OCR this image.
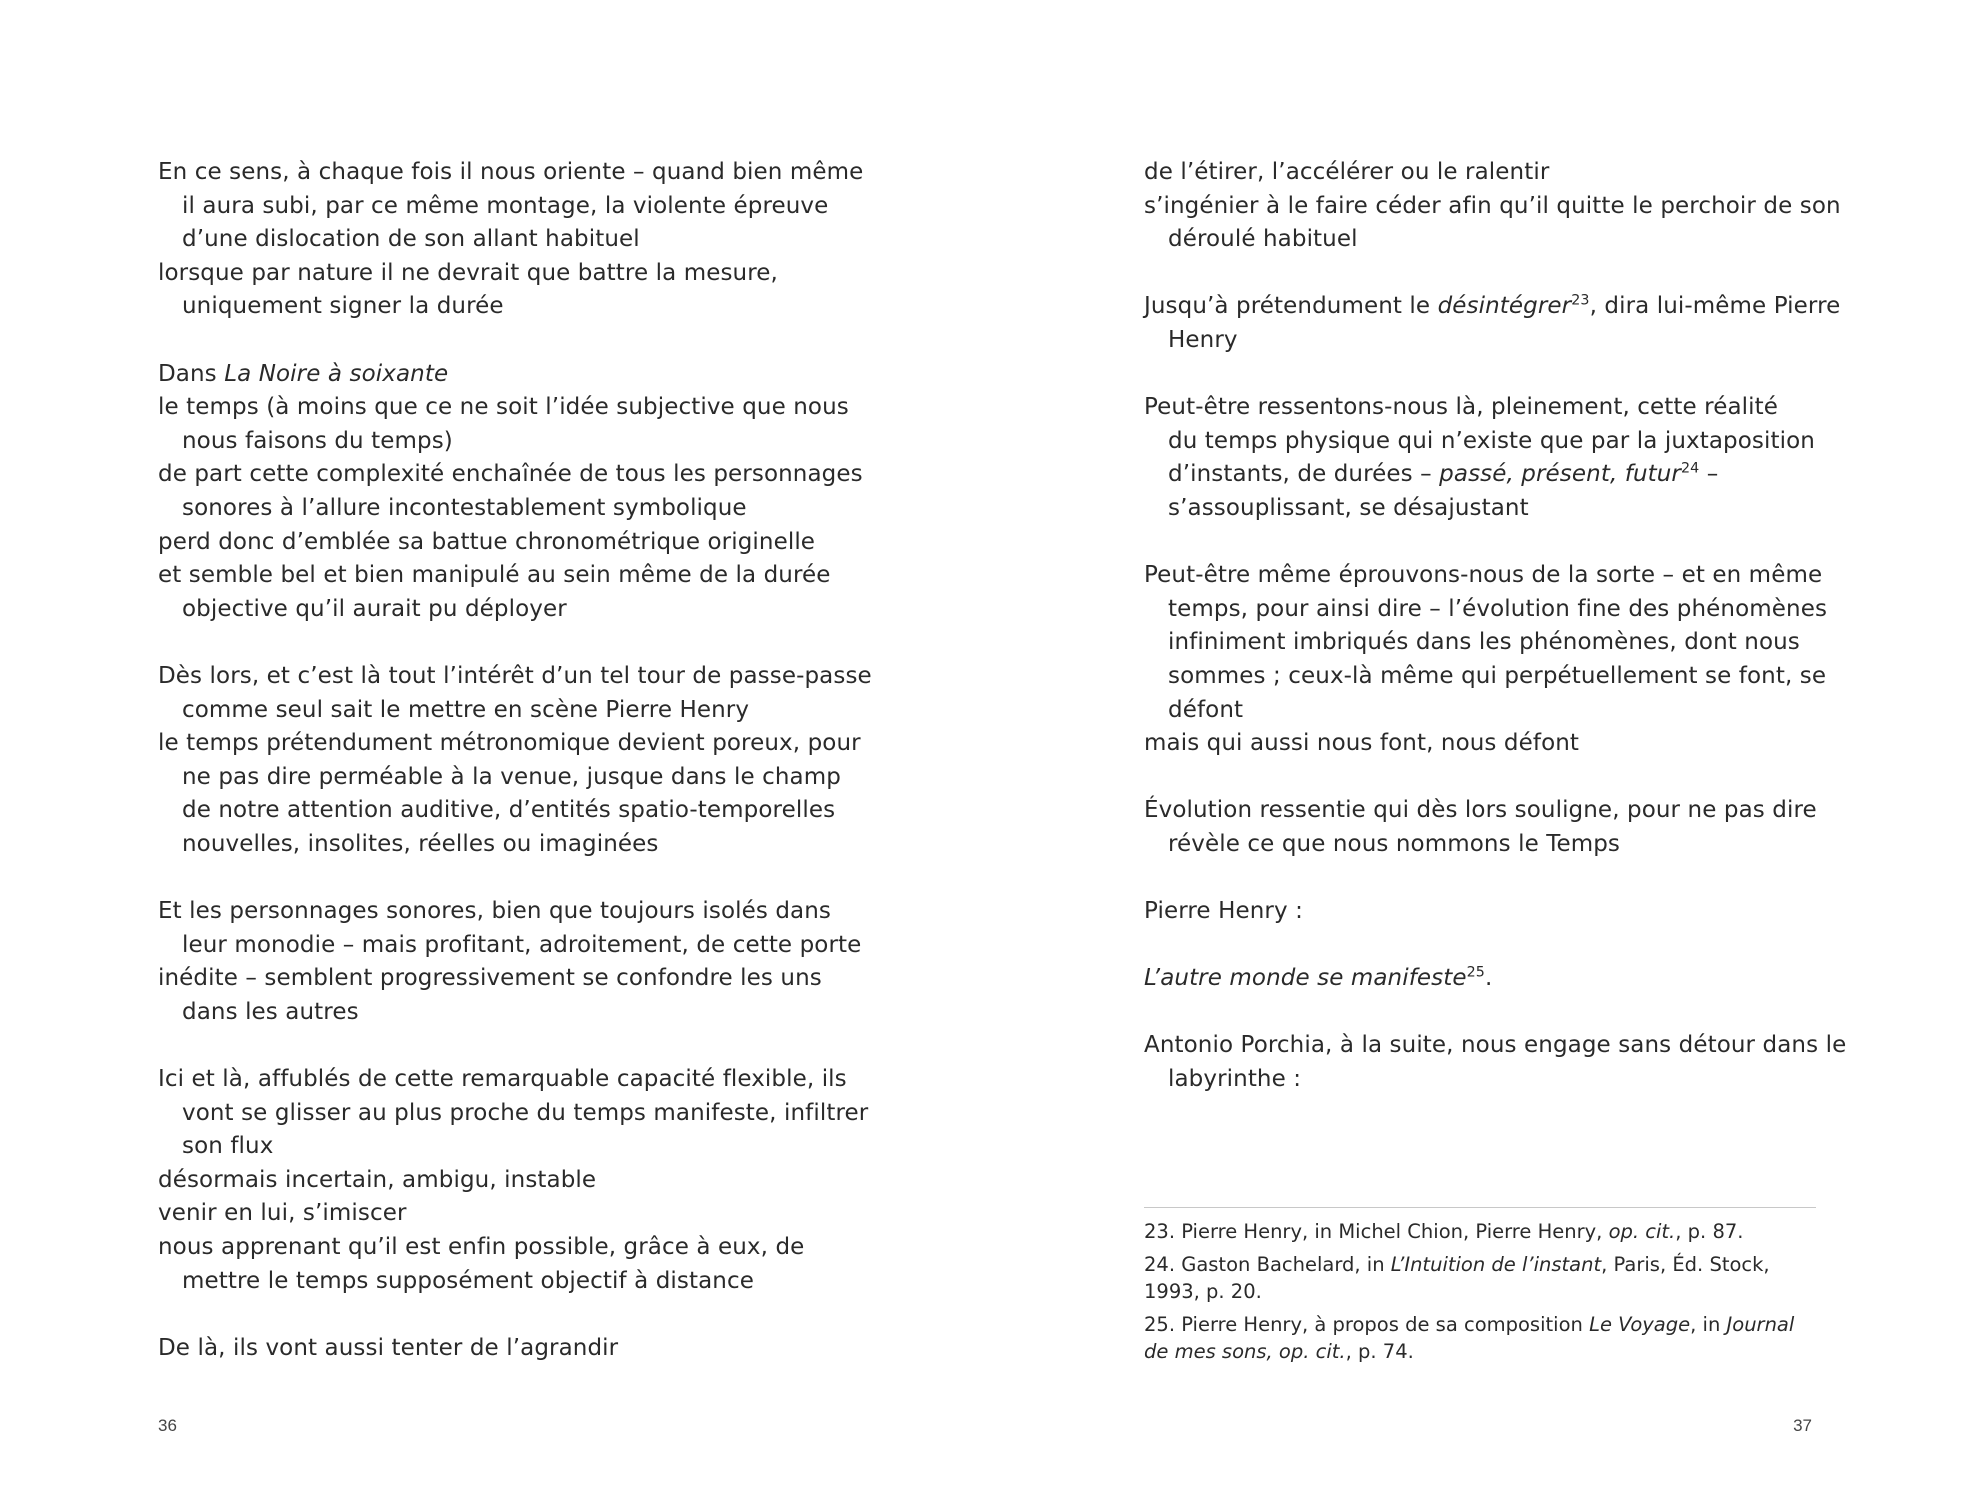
En ce sens, à chaque fois il nous oriente – quand bien même
il aura subi, par ce même montage, la violente épreuve
d’une dislocation de son allant habituel
lorsque par nature il ne devrait que battre la mesure,
uniquement signer la durée
Dans La Noire à soixante
le temps (à moins que ce ne soit l’idée subjective que nous
nous faisons du temps)
de part cette complexité enchaînée de tous les personnages
sonores à l’allure incontestablement symbolique
perd donc d’emblée sa battue chronométrique originelle
et semble bel et bien manipulé au sein même de la durée
objective qu’il aurait pu déployer
Dès lors, et c’est là tout l’intérêt d’un tel tour de passe-passe
comme seul sait le mettre en scène Pierre Henry
le temps prétendument métronomique devient poreux, pour
ne pas dire perméable à la venue, jusque dans le champ
de notre attention auditive, d’entités spatio-temporelles
nouvelles, insolites, réelles ou imaginées
Et les personnages sonores, bien que toujours isolés dans
leur monodie – mais profitant, adroitement, de cette porte
inédite – semblent progressivement se confondre les uns
dans les autres
Ici et là, affublés de cette remarquable capacité flexible, ils
vont se glisser au plus proche du temps manifeste, infiltrer
son flux
désormais incertain, ambigu, instable
venir en lui, s’imiscer
nous apprenant qu’il est enfin possible, grâce à eux, de
mettre le temps supposément objectif à distance
De là, ils vont aussi tenter de l’agrandir
36
de l’étirer, l’accélérer ou le ralentir
s’ingénier à le faire céder afin qu’il quitte le perchoir de son
déroulé habituel
Jusqu’à prétendument le désintégrer$^{23}$, dira lui-même Pierre
Henry
Peut-être ressentons-nous là, pleinement, cette réalité
du temps physique qui n’existe que par la juxtaposition
d’instants, de durées – passé, présent, futur$^{24}$ –
s’assouplissant, se désajustant
Peut-être même éprouvons-nous de la sorte – et en même
temps, pour ainsi dire – l’évolution fine des phénomènes
infiniment imbriqués dans les phénomènes, dont nous
sommes ; ceux-là même qui perpétuellement se font, se
défont
mais qui aussi nous font, nous défont
Évolution ressentie qui dès lors souligne, pour ne pas dire
révèle ce que nous nommons le Temps
Pierre Henry :
L’autre monde se manifeste$^{25}$.
Antonio Porchia, à la suite, nous engage sans détour dans le
labyrinthe :
23. Pierre Henry, in Michel Chion, Pierre Henry, op. cit., p. 87.
24. Gaston Bachelard, in L’Intuition de l’instant, Paris, Éd. Stock, 1993, p. 20.
25. Pierre Henry, à propos de sa composition Le Voyage, in Journal de mes sons, op. cit., p. 74.
37
